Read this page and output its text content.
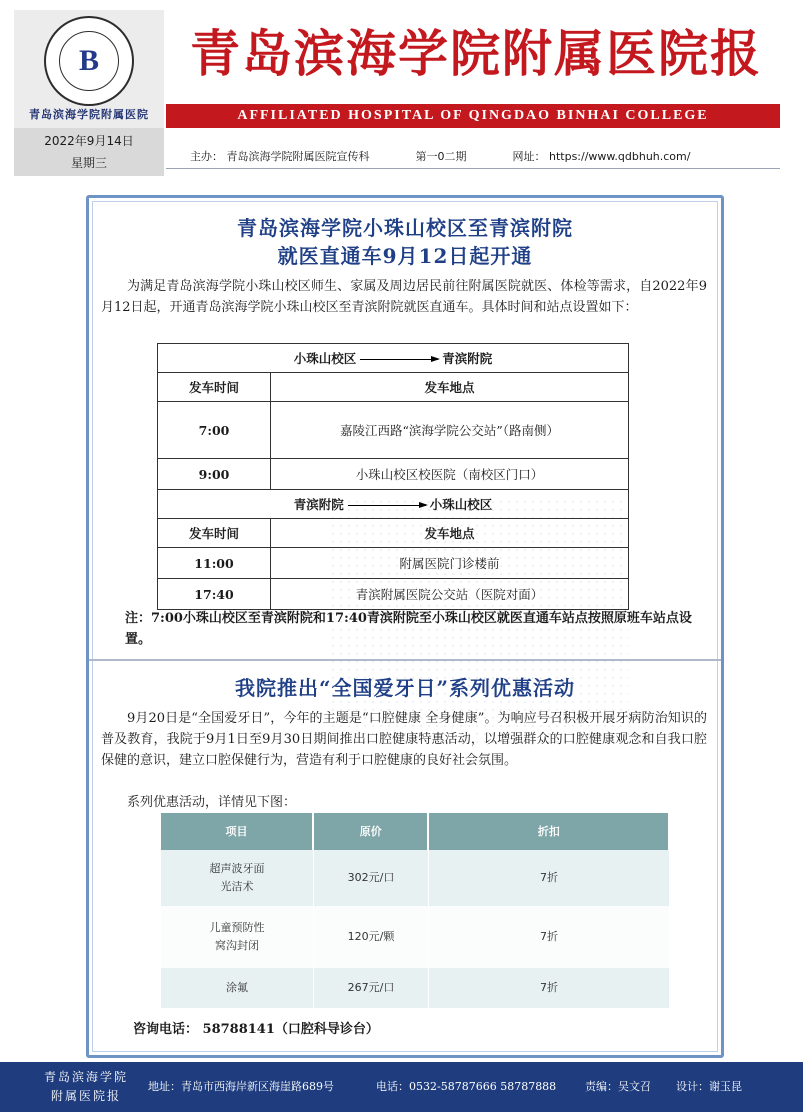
B
青岛滨海学院附属医院
2022年9月14日
星期三
青岛滨海学院附属医院报
AFFILIATED HOSPITAL OF QINGDAO BINHAI COLLEGE
主办： 青岛滨海学院附属医院宣传科	第一0二期	网址： https://www.qdbhuh.com/
青岛滨海学院小珠山校区至青滨附院
就医直通车9月12日起开通
为满足青岛滨海学院小珠山校区师生、家属及周边居民前往附属医院就医、体检等需求，自2022年9月12日起，开通青岛滨海学院小珠山校区至青滨附院就医直通车。具体时间和站点设置如下：
小珠山校区 青滨附院	
发车时间	发车地点
7:00	嘉陵江西路“滨海学院公交站”（路南侧）
9:00	小珠山校区校医院（南校区门口）
青滨附院 小珠山校区	
发车时间	发车地点
11:00	附属医院门诊楼前
17:40	青滨附属医院公交站（医院对面）
注：7:00小珠山校区至青滨附院和17:40青滨附院至小珠山校区就医直通车站点按照原班车站点设置。
我院推出“全国爱牙日”系列优惠活动
9月20日是“全国爱牙日”，今年的主题是“口腔健康 全身健康”。为响应号召积极开展牙病防治知识的普及教育，我院于9月1日至9月30日期间推出口腔健康特惠活动，以增强群众的口腔健康观念和自我口腔保健的意识，建立口腔保健行为，营造有利于口腔健康的良好社会氛围。
系列优惠活动，详情见下图：
项目	原价	折扣
超声波牙面
光洁术
302元/口	7折
儿童预防性
窝沟封闭
120元/颗	7折
涂氟	267元/口	7折
咨询电话： 58788141（口腔科导诊台）
青岛滨海学院
附属医院报
地址：青岛市西海岸新区海崖路689号	电话：0532-58787666 58787888	责编：吴文召 设计：谢玉昆
